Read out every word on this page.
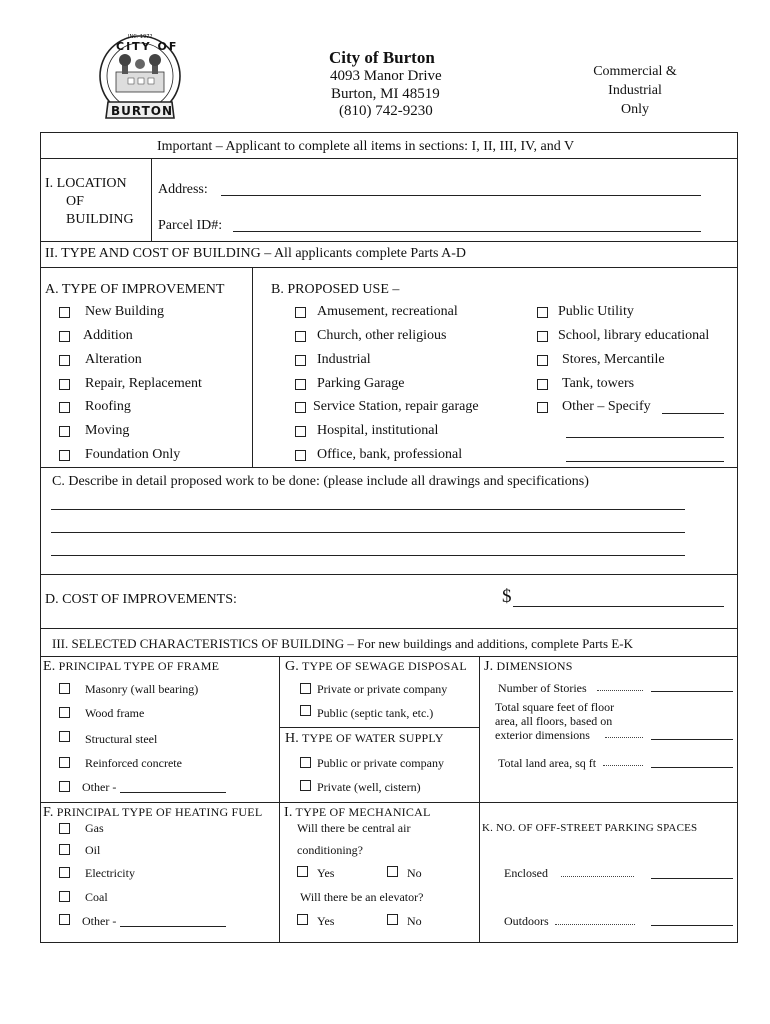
CITY OF
INC. 1972
BURTON
City of Burton
4093 Manor Drive
Burton, MI 48519
(810) 742-9230
Commercial &
Industrial
Only
Important – Applicant to complete all items in sections: I, II, III, IV, and V
I. LOCATION
OF
BUILDING
Address:
Parcel ID#:
II. TYPE AND COST OF BUILDING – All applicants complete Parts A-D
A. TYPE OF IMPROVEMENT
New Building
Addition
Alteration
Repair, Replacement
Roofing
Moving
Foundation Only
B. PROPOSED USE –
Amusement, recreational
Church, other religious
Industrial
Parking Garage
Service Station, repair garage
Hospital, institutional
Office, bank, professional
Public Utility
School, library educational
Stores, Mercantile
Tank, towers
Other – Specify
C. Describe in detail proposed work to be done: (please include all drawings and specifications)
D. COST OF IMPROVEMENTS:	$
III. SELECTED CHARACTERISTICS OF BUILDING – For new buildings and additions, complete Parts E-K
E. PRINCIPAL TYPE OF FRAME
Masonry (wall bearing)
Wood frame
Structural steel
Reinforced concrete
Other -
G. TYPE OF SEWAGE DISPOSAL
Private or private company
Public (septic tank, etc.)
H. TYPE OF WATER SUPPLY
Public or private company
Private (well, cistern)
J. DIMENSIONS
Number of Stories
Total square feet of floor
area, all floors, based on
exterior dimensions
Total land area, sq ft
F. PRINCIPAL TYPE OF HEATING FUEL
Gas
Oil
Electricity
Coal
Other -
I. TYPE OF MECHANICAL
Will there be central air
conditioning?
Yes	No
Will there be an elevator?
Yes	No
K. NO. OF OFF-STREET PARKING SPACES
Enclosed
Outdoors
